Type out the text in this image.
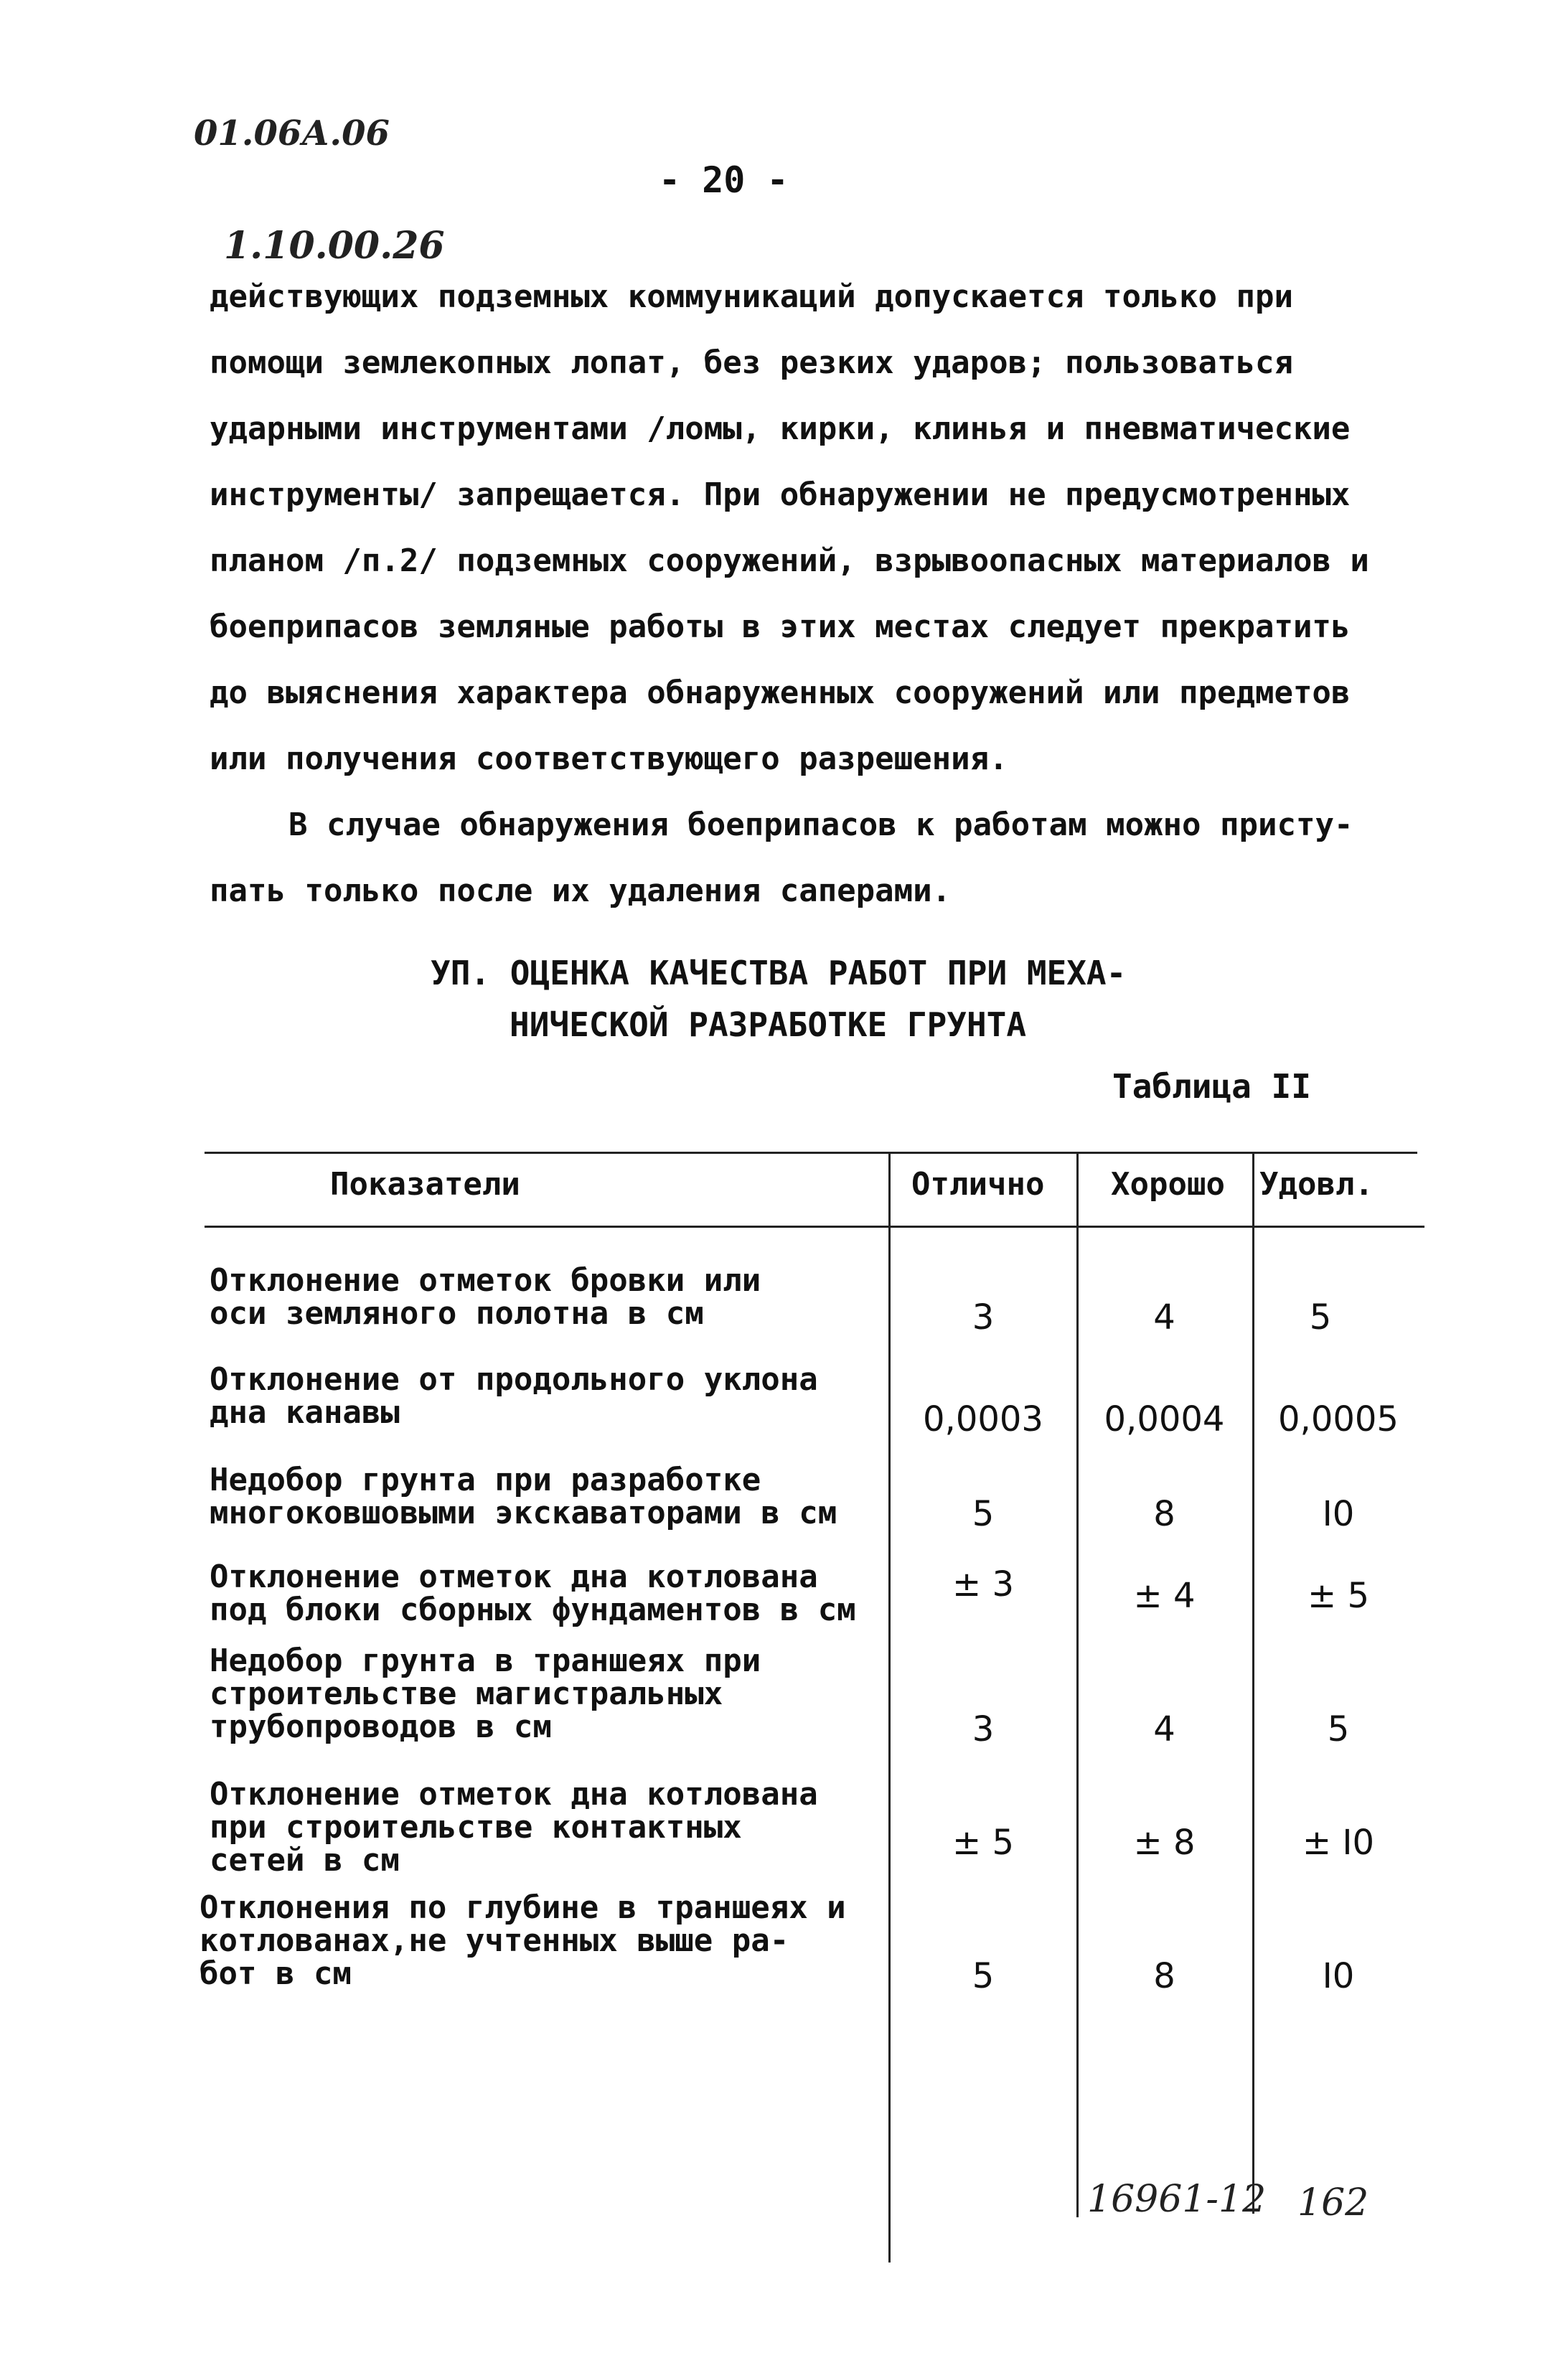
01.06А.06
- 20 -
1.10.00.26

действующих подземных коммуникаций допускается только при

помощи землекопных лопат, без резких ударов; пользоваться

ударными инструментами /ломы, кирки, клинья и пневматические

инструменты/ запрещается. При обнаружении не предусмотренных

планом /п.2/ подземных сооружений, взрывоопасных материалов и

боеприпасов земляные работы в этих местах следует прекратить

до выяснения характера обнаруженных сооружений или предметов

или получения соответствующего разрешения.

В случае обнаружения боеприпасов к работам можно присту-

пать только после их удаления саперами.

УП. ОЦЕНКА КАЧЕСТВА РАБОТ ПРИ МЕХА-
НИЧЕСКОЙ РАЗРАБОТКЕ ГРУНТА
Таблица II
Показатели	Отлично Хорошо Удовл.
Отклонение отметок бровки или
оси земляного полотна в см	3	4	5
Отклонение от продольного уклона
дна канавы	0,0003	0,0004	0,0005
Недобор грунта при разработке
многоковшовыми экскаваторами в см	5	8	I0
Отклонение отметок дна котлована
под блоки сборных фундаментов в см
± 3	± 4	± 5
Недобор грунта в траншеях при
строительстве магистральных
трубопроводов в см	3	4	5
Отклонение отметок дна котлована
при строительстве контактных
сетей в см	± 5	± 8	± I0
Отклонения по глубине в траншеях и
котлованах,не учтенных выше ра-
бот в см	5	8	I0
16961-12 162
